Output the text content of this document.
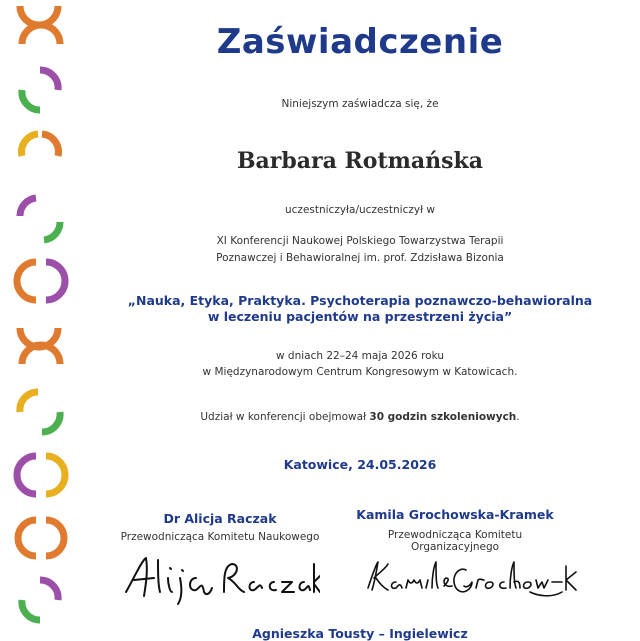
Zaświadczenie
Niniejszym zaświadcza się, że
Barbara Rotmańska
uczestniczyła/uczestniczył w
XI Konferencji Naukowej Polskiego Towarzystwa Terapii
Poznawczej i Behawioralnej im. prof. Zdzisława Bizonia
„Nauka, Etyka, Praktyka. Psychoterapia poznawczo-behawioralna
w leczeniu pacjentów na przestrzeni życia”
w dniach 22–24 maja 2026 roku
w Międzynarodowym Centrum Kongresowym w Katowicach.
Udział w konferencji obejmował 30 godzin szkoleniowych.
Katowice, 24.05.2026
Dr Alicja Raczak
Przewodnicząca Komitetu Naukowego
Kamila Grochowska-Kramek
Przewodnicząca Komitetu Organizacyjnego
Agnieszka Tousty – Ingielewicz
